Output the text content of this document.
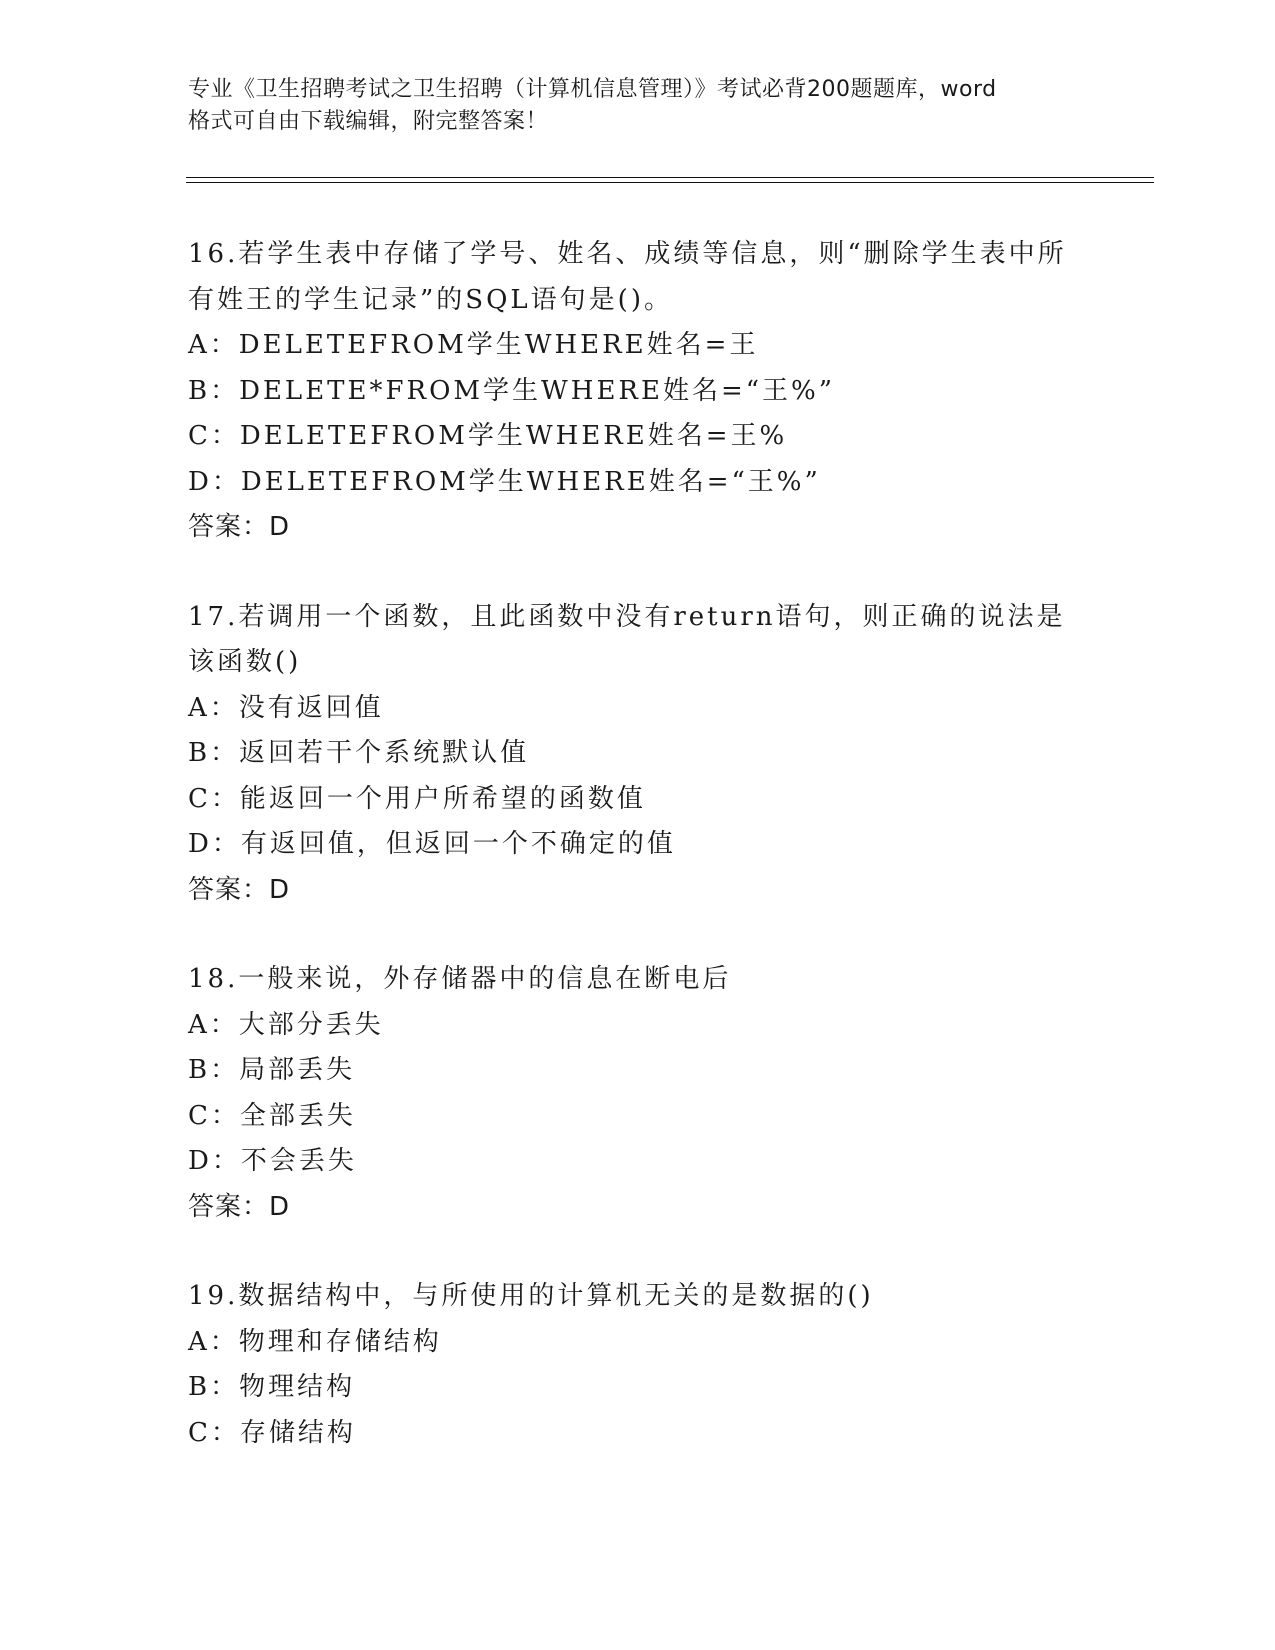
专业《卫生招聘考试之卫生招聘（计算机信息管理）》考试必背200题题库，word
格式可自由下载编辑，附完整答案！
16.若学生表中存储了学号、姓名、成绩等信息，则“删除学生表中所
有姓王的学生记录”的SQL语句是()。
A：DELETEFROM学生WHERE姓名=王
B：DELETE*FROM学生WHERE姓名=“王%”
C：DELETEFROM学生WHERE姓名=王%
D：DELETEFROM学生WHERE姓名=“王%”
答案：D
17.若调用一个函数，且此函数中没有return语句，则正确的说法是
该函数()
A：没有返回值
B：返回若干个系统默认值
C：能返回一个用户所希望的函数值
D：有返回值，但返回一个不确定的值
答案：D
18.一般来说，外存储器中的信息在断电后
A：大部分丢失
B：局部丢失
C：全部丢失
D：不会丢失
答案：D
19.数据结构中，与所使用的计算机无关的是数据的()
A：物理和存储结构
B：物理结构
C：存储结构
